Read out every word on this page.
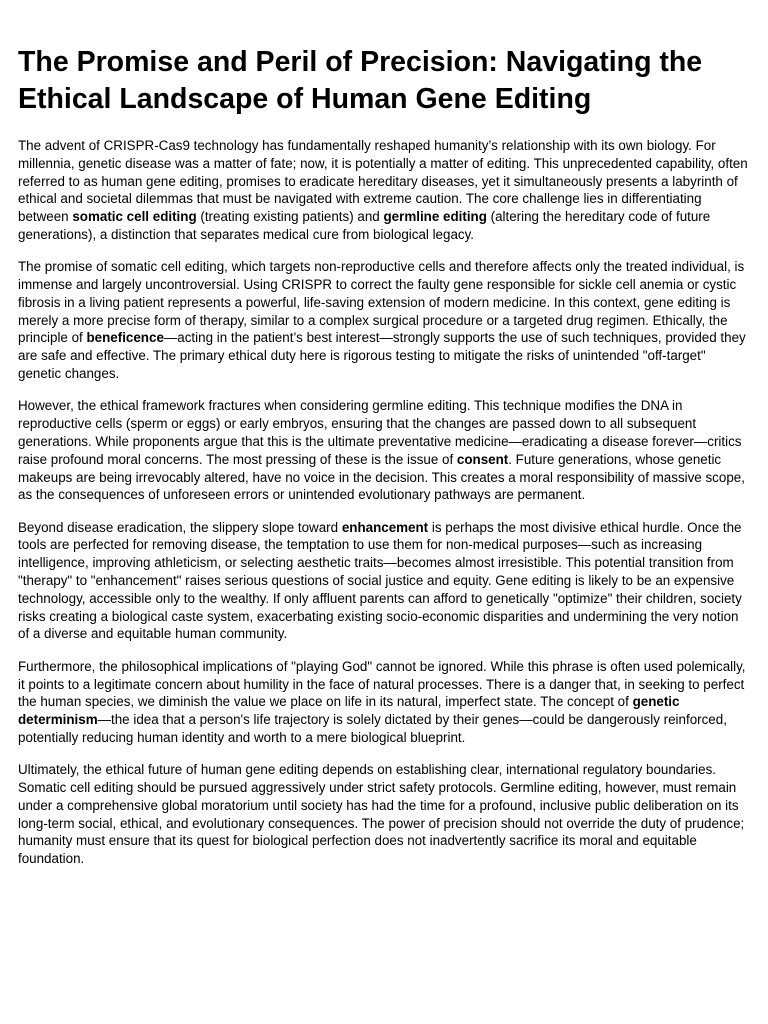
The Promise and Peril of Precision: Navigating the Ethical Landscape of Human Gene Editing

The advent of CRISPR-Cas9 technology has fundamentally reshaped humanity’s relationship with its own biology. For millennia, genetic disease was a matter of fate; now, it is potentially a matter of editing. This unprecedented capability, often referred to as human gene editing, promises to eradicate hereditary diseases, yet it simultaneously presents a labyrinth of ethical and societal dilemmas that must be navigated with extreme caution. The core challenge lies in differentiating between somatic cell editing (treating existing patients) and germline editing (altering the hereditary code of future generations), a distinction that separates medical cure from biological legacy.

The promise of somatic cell editing, which targets non-reproductive cells and therefore affects only the treated individual, is immense and largely uncontroversial. Using CRISPR to correct the faulty gene responsible for sickle cell anemia or cystic fibrosis in a living patient represents a powerful, life-saving extension of modern medicine. In this context, gene editing is merely a more precise form of therapy, similar to a complex surgical procedure or a targeted drug regimen. Ethically, the principle of beneficence—acting in the patient’s best interest—strongly supports the use of such techniques, provided they are safe and effective. The primary ethical duty here is rigorous testing to mitigate the risks of unintended "off-target" genetic changes.

However, the ethical framework fractures when considering germline editing. This technique modifies the DNA in reproductive cells (sperm or eggs) or early embryos, ensuring that the changes are passed down to all subsequent generations. While proponents argue that this is the ultimate preventative medicine—eradicating a disease forever—critics raise profound moral concerns. The most pressing of these is the issue of consent. Future generations, whose genetic makeups are being irrevocably altered, have no voice in the decision. This creates a moral responsibility of massive scope, as the consequences of unforeseen errors or unintended evolutionary pathways are permanent.

Beyond disease eradication, the slippery slope toward enhancement is perhaps the most divisive ethical hurdle. Once the tools are perfected for removing disease, the temptation to use them for non-medical purposes—such as increasing intelligence, improving athleticism, or selecting aesthetic traits—becomes almost irresistible. This potential transition from "therapy" to "enhancement" raises serious questions of social justice and equity. Gene editing is likely to be an expensive technology, accessible only to the wealthy. If only affluent parents can afford to genetically "optimize" their children, society risks creating a biological caste system, exacerbating existing socio-economic disparities and undermining the very notion of a diverse and equitable human community.

Furthermore, the philosophical implications of "playing God" cannot be ignored. While this phrase is often used polemically, it points to a legitimate concern about humility in the face of natural processes. There is a danger that, in seeking to perfect the human species, we diminish the value we place on life in its natural, imperfect state. The concept of genetic determinism—the idea that a person's life trajectory is solely dictated by their genes—could be dangerously reinforced, potentially reducing human identity and worth to a mere biological blueprint.

Ultimately, the ethical future of human gene editing depends on establishing clear, international regulatory boundaries. Somatic cell editing should be pursued aggressively under strict safety protocols. Germline editing, however, must remain under a comprehensive global moratorium until society has had the time for a profound, inclusive public deliberation on its long-term social, ethical, and evolutionary consequences. The power of precision should not override the duty of prudence; humanity must ensure that its quest for biological perfection does not inadvertently sacrifice its moral and equitable foundation.
